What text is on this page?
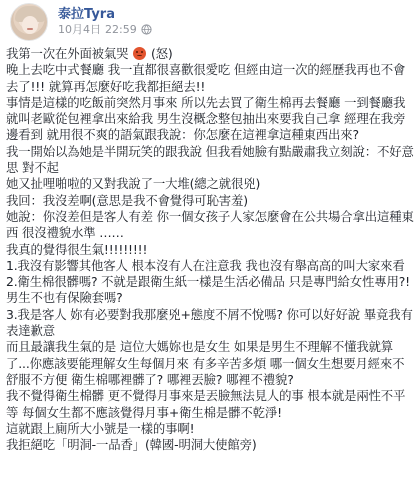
泰拉Tyra
10月4日 22:59

我第一次在外面被氣哭 (怒)

晚上去吃中式餐廳 我一直都很喜歡很愛吃 但經由這一次的經歷我再也不會去了!!! 就算再怎麼好吃我都拒絕去!!

事情是這樣的吃飯前突然月事來 所以先去買了衛生棉再去餐廳 一到餐廳我就叫老歐從包裡拿出來給我 男生沒概念整包抽出來要我自己拿 經理在我旁邊看到 就用很不爽的語氣跟我說：你怎麼在這裡拿這種東西出來?

我一開始以為她是半開玩笑的跟我說 但我看她臉有點嚴肅我立刻說：不好意思 對不起

她又扯哩啪啦的又對我說了一大堆(總之就很兇)

我回：我沒差啊(意思是我不會覺得可恥害羞)

她說：你沒差但是客人有差 你一個女孩子人家怎麼會在公共場合拿出這種東西 很沒禮貌水準 ……

我真的覺得很生氣!!!!!!!!!

1.我沒有影響其他客人 根本沒有人在注意我 我也沒有舉高高的叫大家來看

2.衛生棉很髒嗎? 不就是跟衛生紙一樣是生活必備品 只是專門給女性專用?! 男生不也有保險套嗎?

3.我是客人 妳有必要對我那麼兇+態度不屑不悅嗎? 你可以好好說 畢竟我有表達歉意

而且最讓我生氣的是 這位大媽妳也是女生 如果是男生不理解不懂我就算了...你應該要能理解女生每個月來 有多辛苦多煩 哪一個女生想要月經來不舒服不方便 衛生棉哪裡髒了? 哪裡丟臉? 哪裡不禮貌?

我不覺得衛生棉髒 更不覺得月事來是丟臉無法見人的事 根本就是兩性不平等 每個女生都不應該覺得月事+衛生棉是髒不乾淨!

這就跟上廁所大小號是一樣的事啊!

我拒絕吃「明洞-一品香」(韓國-明洞大使館旁)
